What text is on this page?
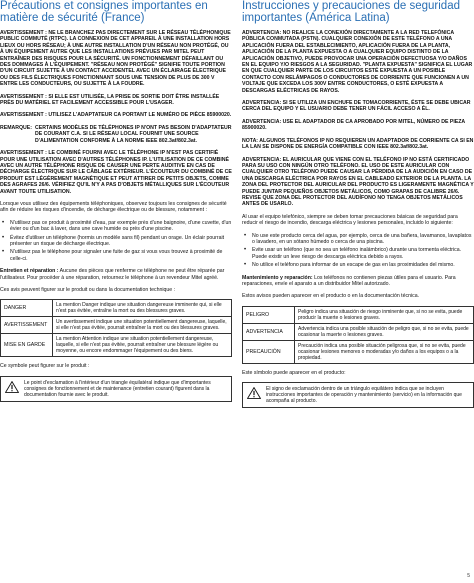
Précautions et consignes importantes en matière de sécurité (France)

AVERTISSEMENT : NE LE BRANCHEZ PAS DIRECTEMENT SUR LE RÉSEAU TÉLÉPHONIQUE PUBLIC COMMUTÉ (RTPC). LA CONNEXION DE CET APPAREIL À UNE INSTALLATION HORS LIEUX OU HORS RÉSEAU; À UNE AUTRE INSTALLATION D'UN RÉSEAU NON PROTÉGÉ, OU À UN ÉQUIPEMENT AUTRE QUE LES INSTALLATIONS PRÉVUES PAR MITEL PEUT ENTRAÎNER DES RISQUES POUR LA SÉCURITÉ. UN FONCTIONNEMENT DÉFAILLANT OU DES DOMMAGES À L'ÉQUIPEMENT. "RÉSEAU NON PROTÉGÉ" SIGNIFIE TOUTE PORTION D'UN CIRCUIT SUJETTE À UN CONTACT ACCIDENTEL AVEC UN ÉCLAIRAGE ÉLECTRIQUE OU DES FILS ÉLECTRIQUES FONCTIONNANT SOUS UNE TENSION DE PLUS DE 300 V ENTRE LES CONDUCTEURS, OU SUJETTE À LA FOUDRE.

AVERTISSEMENT : SI ELLE EST UTILISÉE, LA PRISE DE SORTIE DOIT ÊTRE INSTALLÉE PRÈS DU MATÉRIEL ET FACILEMENT ACCESSIBLE POUR L'USAGER.

AVERTISSEMENT : UTILISEZ L'ADAPTATEUR CA PORTANT LE NUMÉRO DE PIÈCE 85900020.

REMARQUE: CERTAINS MODÈLES DE TÉLÉPHONES IP N'ONT PAS BESOIN D'ADAPTATEUR DE COURANT C.A. SI LE RÉSEAU LOCAL FOURNIT UNE SOURCE D'ALIMENTATION CONFORME À LA NORME IEEE 802.3af/802.3at.

AVERTISSEMENT : LE COMBINÉ FOURNI AVEC LE TÉLÉPHONE IP N'EST PAS CERTIFIÉ POUR UNE UTILISATION AVEC D'AUTRES TÉLÉPHONES IP. L'UTILISATION DE CE COMBINÉ AVEC UN AUTRE TÉLÉPHONE RISQUE DE CAUSER UNE PERTE AUDITIVE EN CAS DE DÉCHARGE ÉLECTRIQUE SUR LE CÂBLAGE EXTÉRIEUR. L'ÉCOUTEUR DU COMBINÉ DE CE PRODUIT EST LÉGÈREMENT MAGNÉTIQUE ET PEUT ATTIRER DE PETITS OBJETS, COMME DES AGRAFES 26/6. VÉRIFIEZ QU'IL N'Y A PAS D'OBJETS MÉTALLIQUES SUR L'ÉCOUTEUR AVANT TOUTE UTILISATION.

Lorsque vous utilisez des équipements téléphoniques, observez toujours les consignes de sécurité afin de réduire les risques d'incendie, de décharge électrique ou de blessure, notamment :

• N'utilisez pas ce produit à proximité d'eau, par exemple près d'une baignoire, d'une cuvette, d'un évier ou d'un bac à laver, dans une cave humide ou près d'une piscine.
• Évitez d'utiliser un téléphone (hormis un modèle sans fil) pendant un orage. Un éclair pourrait présenter un risque de décharge électrique.
• N'utilisez pas le téléphone pour signaler une fuite de gaz si vous vous trouvez à proximité de celle-ci.

Entretien et réparation : Aucune des pièces que renferme ce téléphone ne peut être réparée par l'utilisateur. Pour procéder à une réparation, retournez le téléphone à un revendeur Mitel agréé.

Ces avis peuvent figurer sur le produit ou dans la documentation technique :

DANGER	La mention Danger indique une situation dangereuse imminente qui, si elle n'est pas évitée, entraîne la mort ou des blessures graves.
AVERTISSEMENT	Un avertissement indique une situation potentiellement dangereuse, laquelle, si elle n'est pas évitée, pourrait entraîner la mort ou des blessures graves.
MISE EN GARDE	La mention Attention indique une situation potentiellement dangereuse, laquelle, si elle n'est pas évitée, pourrait entraîner une blessure légère ou moyenne, ou encore endommager l'équipement ou des biens.

Ce symbole peut figurer sur le produit :

Le point d'exclamation à l'intérieur d'un triangle équilatéral indique que d'importantes consignes de fonctionnement et de maintenance (entretien courant) figurent dans la documentation fournie avec le produit.
Instrucciones y precauciones de seguridad importantes (América Latina)

ADVERTENCIA: NO REALICE LA CONEXIÓN DIRECTAMENTE A LA RED TELEFÓNICA PÚBLICA CONMUTADA (PSTN). CUALQUIER CONEXIÓN DE ESTE TELÉFONO A UNA APLICACIÓN FUERA DEL ESTABLECIMIENTO, APLICACIÓN FUERA DE LA PLANTA, APLICACIÓN DE LA PLANTA EXPUESTA O A CUALQUIER EQUIPO DISTINTO DE LA APLICACIÓN OBJETIVO, PUEDE PROVOCAR UNA OPERACIÓN DEFECTUOSA Y/O DAÑOS EN EL EQUIPO Y/O RIESGOS A LA SEGURIDAD. "PLANTA EXPUESTA" SIGNIFICA EL LUGAR EN QUE CUALQUIER PARTE DE LOS CIRCUITOS ESTÉ EXPUESTA A UN POSIBLE CONTACTO CON RELÁMPAGOS O CONDUCTORES DE CORRIENTE QUE FUNCIONEN A UN VOLTAJE QUE EXCEDA LOS 300V ENTRE CONDUCTORES, O ESTÉ EXPUESTA A DESCARGAS ELÉCTRICAS DE RAYOS.

ADVERTENCIA: SI SE UTILIZA UN ENCHUFE DE TOMACORRIENTE, ÉSTE SE DEBE UBICAR CERCA DEL EQUIPO Y EL USUARIO DEBE TENER UN FÁCIL ACCESO A ÉL.

ADVERTENCIA: USE EL ADAPTADOR DE CA APROBADO POR MITEL, NÚMERO DE PIEZA 85900020.

NOTA: ALGUNOS TELÉFONOS IP NO REQUIEREN UN ADAPTADOR DE CORRIENTE CA SI EN LA LAN SE DISPONE DE ENERGÍA COMPATIBLE CON IEEE 802.3af/802.3at.

ADVERTENCIA: EL AURICULAR QUE VIENE CON EL TELÉFONO IP NO ESTÁ CERTIFICADO PARA SU USO CON NINGÚN OTRO TELÉFONO. EL USO DE ESTE AURICULAR CON CUALQUIER OTRO TELÉFONO PUEDE CAUSAR LA PÉRDIDA DE LA AUDICIÓN EN CASO DE UNA DESCARGA ELÉCTRICA POR RAYOS EN EL CABLEADO EXTERIOR DE LA PLANTA. LA ZONA DEL PROTECTOR DEL AURICULAR DEL PRODUCTO ES LIGERAMENTE MAGNÉTICA Y PUEDE JUNTAR PEQUEÑOS OBJETOS METÁLICOS, COMO GRAPAS DE CALIBRE 26/6. REVISE QUE ZONA DEL PROTECTOR DEL AUDÍFONO NO TENGA OBJETOS METÁLICOS ANTES DE USARLO.

Al usar el equipo telefónico, siempre se deben tomar precauciones básicas de seguridad para reducir el riesgo de incendio, descarga eléctrica y lesiones personales, incluido lo siguiente:

• No use este producto cerca del agua, por ejemplo, cerca de una bañera, lavamanos, lavaplatos o lavadero, en un sótano húmedo o cerca de una piscina.
• Evite usar un teléfono (que no sea un teléfono inalámbrico) durante una tormenta eléctrica. Puede existir un leve riesgo de descarga eléctrica debido a rayos.
• No utilice el teléfono para informar de un escape de gas en las proximidades del mismo.

Mantenimiento y reparación: Los teléfonos no contienen piezas útiles para el usuario. Para reparaciones, envíe el aparato a un distribuidor Mitel autorizado.

Estos avisos pueden aparecer en el producto o en la documentación técnica.

PELIGRO	Peligro indica una situación de riesgo inminente que, si no se evita, puede producir la muerte o lesiones graves.
ADVERTENCIA	Advertencia indica una posible situación de peligro que, si no se evita, puede ocasionar la muerte o lesiones graves.
PRECAUCIÓN	Precaución indica una posible situación peligrosa que, si no se evita, puede ocasionar lesiones menores o moderadas y/o daños a los equipos o a la propiedad.

Este símbolo puede aparecer en el producto:

El signo de exclamación dentro de un triángulo equilátero indica que se incluyen instrucciones importantes de operación y mantenimiento (servicio) en la información que acompaña al producto.
5
